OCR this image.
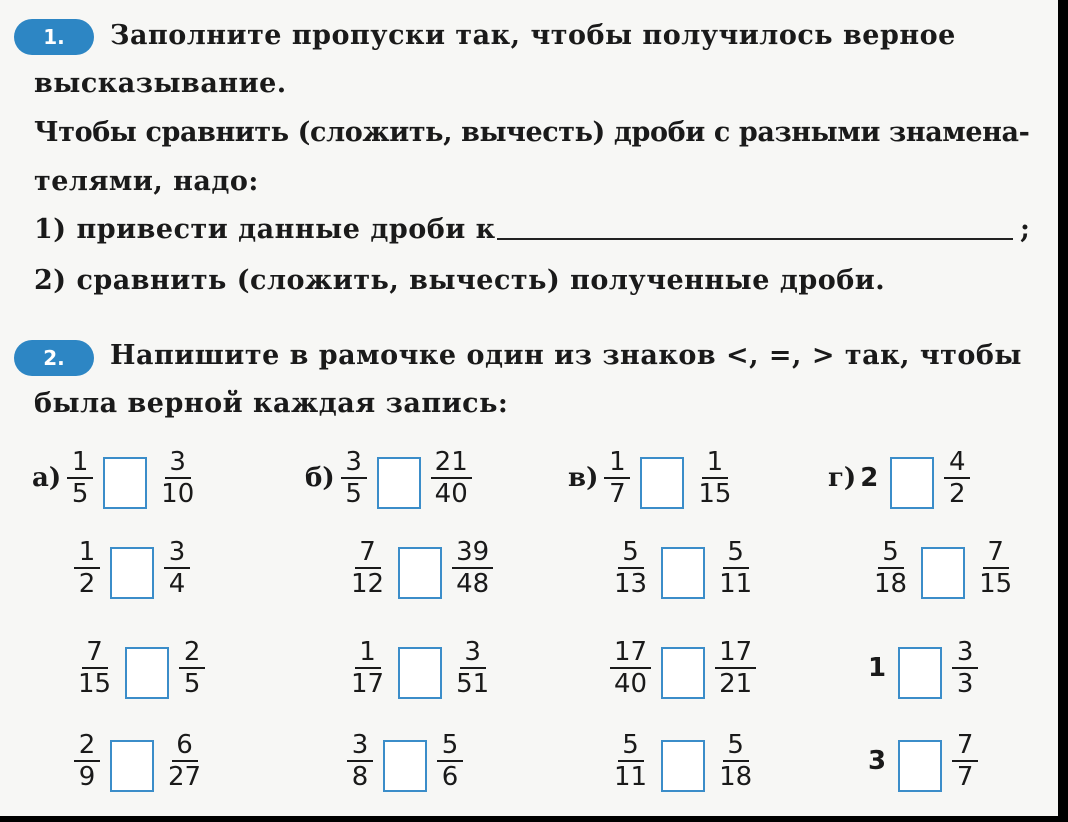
1. Заполните пропуски так, чтобы получилось верное
высказывание.
Чтобы сравнить (сложить, вычесть) дроби с разными знамена-
телями, надо:
1) привести данные дроби к	;
2) сравнить (сложить, вычесть) полученные дроби.
2. Напишите в рамочке один из знаков <, =, > так, чтобы
была верной каждая запись:
$а) \frac{1}{5} \frac{3}{10}$
$\frac{1}{2} \frac{3}{4}$
$\frac{7}{15} \frac{2}{5}$
$\frac{2}{9} \frac{6}{27}$
$б) \frac{3}{5} \frac{21}{40}$
$\frac{7}{12} \frac{39}{48}$
$\frac{1}{17} \frac{3}{51}$
$\frac{3}{8} \frac{5}{6}$
$в) \frac{1}{7} \frac{1}{15}$
$\frac{5}{13} \frac{5}{11}$
$\frac{17}{40} \frac{17}{21}$
$\frac{5}{11} \frac{5}{18}$
г) $2 \frac{4}{2}$
$\frac{5}{18} \frac{7}{15}$
$1 \frac{3}{3}$
$3 \frac{7}{7}$
